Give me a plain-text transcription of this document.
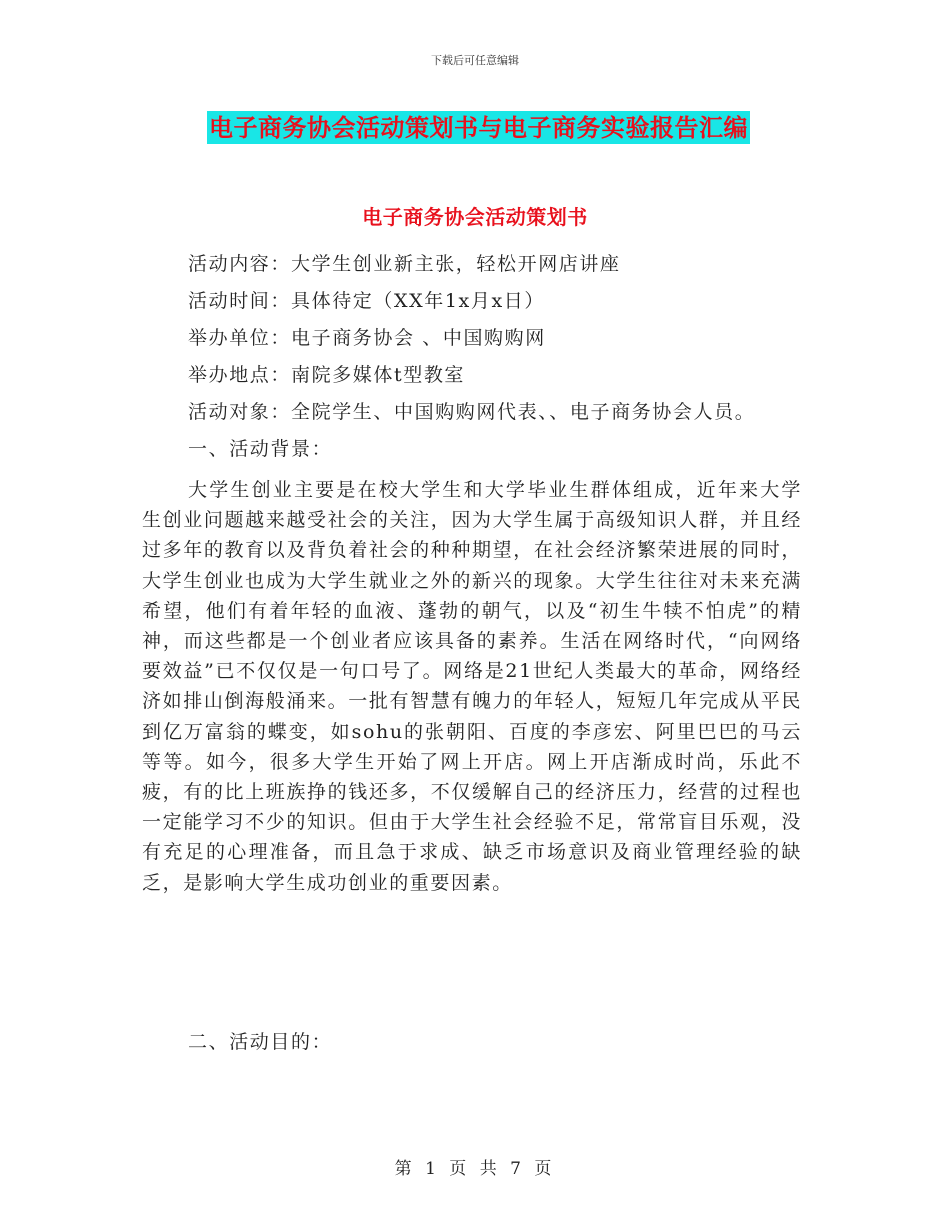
下载后可任意编辑
电子商务协会活动策划书与电子商务实验报告汇编
电子商务协会活动策划书
活动内容：大学生创业新主张，轻松开网店讲座
活动时间：具体待定（XX年1x月x日）
举办单位：电子商务协会 、中国购购网
举办地点：南院多媒体t型教室
活动对象：全院学生、中国购购网代表、、电子商务协会人员。
一、活动背景：
大学生创业主要是在校大学生和大学毕业生群体组成，近年来大学生创业问题越来越受社会的关注，因为大学生属于高级知识人群，并且经过多年的教育以及背负着社会的种种期望，在社会经济繁荣进展的同时，大学生创业也成为大学生就业之外的新兴的现象。大学生往往对未来充满希望，他们有着年轻的血液、蓬勃的朝气，以及“初生牛犊不怕虎”的精神，而这些都是一个创业者应该具备的素养。生活在网络时代，“向网络要效益”已不仅仅是一句口号了。网络是21世纪人类最大的革命，网络经济如排山倒海般涌来。一批有智慧有魄力的年轻人，短短几年完成从平民到亿万富翁的蝶变，如sohu的张朝阳、百度的李彦宏、阿里巴巴的马云等等。如今，很多大学生开始了网上开店。网上开店渐成时尚，乐此不疲，有的比上班族挣的钱还多，不仅缓解自己的经济压力，经营的过程也一定能学习不少的知识。但由于大学生社会经验不足，常常盲目乐观，没有充足的心理准备，而且急于求成、缺乏市场意识及商业管理经验的缺乏，是影响大学生成功创业的重要因素。
二、活动目的：
第 1 页 共 7 页
